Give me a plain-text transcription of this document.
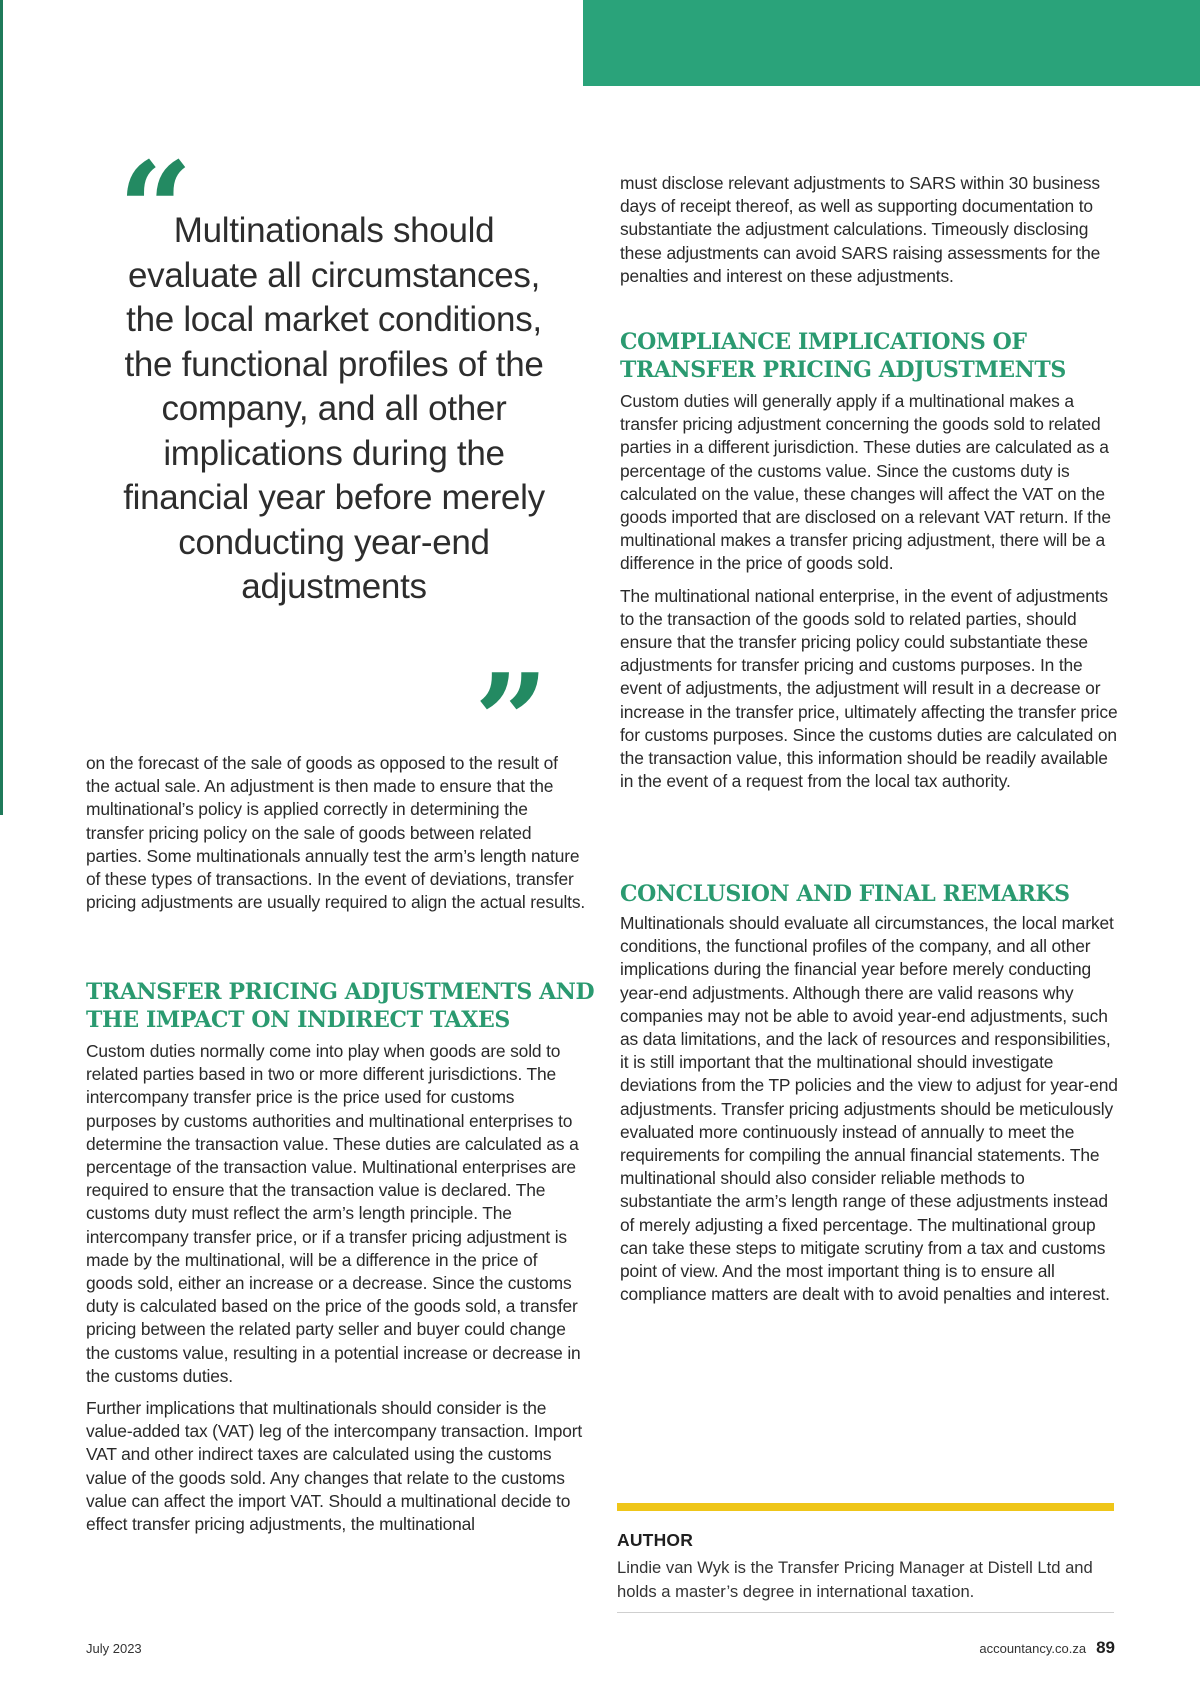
“
Multinationals should evaluate all circumstances, the local market conditions, the functional profiles of the company, and all other implications during the financial year before merely conducting year-end adjustments
”

on the forecast of the sale of goods as opposed to the result of the actual sale. An adjustment is then made to ensure that the multinational’s policy is applied correctly in determining the transfer pricing policy on the sale of goods between related parties. Some multinationals annually test the arm’s length nature of these types of transactions. In the event of deviations, transfer pricing adjustments are usually required to align the actual results.

TRANSFER PRICING ADJUSTMENTS AND THE IMPACT ON INDIRECT TAXES

Custom duties normally come into play when goods are sold to related parties based in two or more different jurisdictions. The intercompany transfer price is the price used for customs purposes by customs authorities and multinational enterprises to determine the transaction value. These duties are calculated as a percentage of the transaction value. Multinational enterprises are required to ensure that the transaction value is declared. The customs duty must reflect the arm’s length principle. The intercompany transfer price, or if a transfer pricing adjustment is made by the multinational, will be a difference in the price of goods sold, either an increase or a decrease. Since the customs duty is calculated based on the price of the goods sold, a transfer pricing between the related party seller and buyer could change the customs value, resulting in a potential increase or decrease in the customs duties.

Further implications that multinationals should consider is the value-added tax (VAT) leg of the intercompany transaction. Import VAT and other indirect taxes are calculated using the customs value of the goods sold. Any changes that relate to the customs value can affect the import VAT. Should a multinational decide to effect transfer pricing adjustments, the multinational

must disclose relevant adjustments to SARS within 30 business days of receipt thereof, as well as supporting documentation to substantiate the adjustment calculations. Timeously disclosing these adjustments can avoid SARS raising assessments for the penalties and interest on these adjustments.

COMPLIANCE IMPLICATIONS OF TRANSFER PRICING ADJUSTMENTS

Custom duties will generally apply if a multinational makes a transfer pricing adjustment concerning the goods sold to related parties in a different jurisdiction. These duties are calculated as a percentage of the customs value. Since the customs duty is calculated on the value, these changes will affect the VAT on the goods imported that are disclosed on a relevant VAT return. If the multinational makes a transfer pricing adjustment, there will be a difference in the price of goods sold.

The multinational national enterprise, in the event of adjustments to the transaction of the goods sold to related parties, should ensure that the transfer pricing policy could substantiate these adjustments for transfer pricing and customs purposes. In the event of adjustments, the adjustment will result in a decrease or increase in the transfer price, ultimately affecting the transfer price for customs purposes. Since the customs duties are calculated on the transaction value, this information should be readily available in the event of a request from the local tax authority.

CONCLUSION AND FINAL REMARKS

Multinationals should evaluate all circumstances, the local market conditions, the functional profiles of the company, and all other implications during the financial year before merely conducting year-end adjustments. Although there are valid reasons why companies may not be able to avoid year-end adjustments, such as data limitations, and the lack of resources and responsibilities, it is still important that the multinational should investigate deviations from the TP policies and the view to adjust for year-end adjustments. Transfer pricing adjustments should be meticulously evaluated more continuously instead of annually to meet the requirements for compiling the annual financial statements. The multinational should also consider reliable methods to substantiate the arm’s length range of these adjustments instead of merely adjusting a fixed percentage. The multinational group can take these steps to mitigate scrutiny from a tax and customs point of view. And the most important thing is to ensure all compliance matters are dealt with to avoid penalties and interest.

AUTHOR
Lindie van Wyk is the Transfer Pricing Manager at Distell Ltd and holds a master’s degree in international taxation.
July 2023	accountancy.co.za 89
